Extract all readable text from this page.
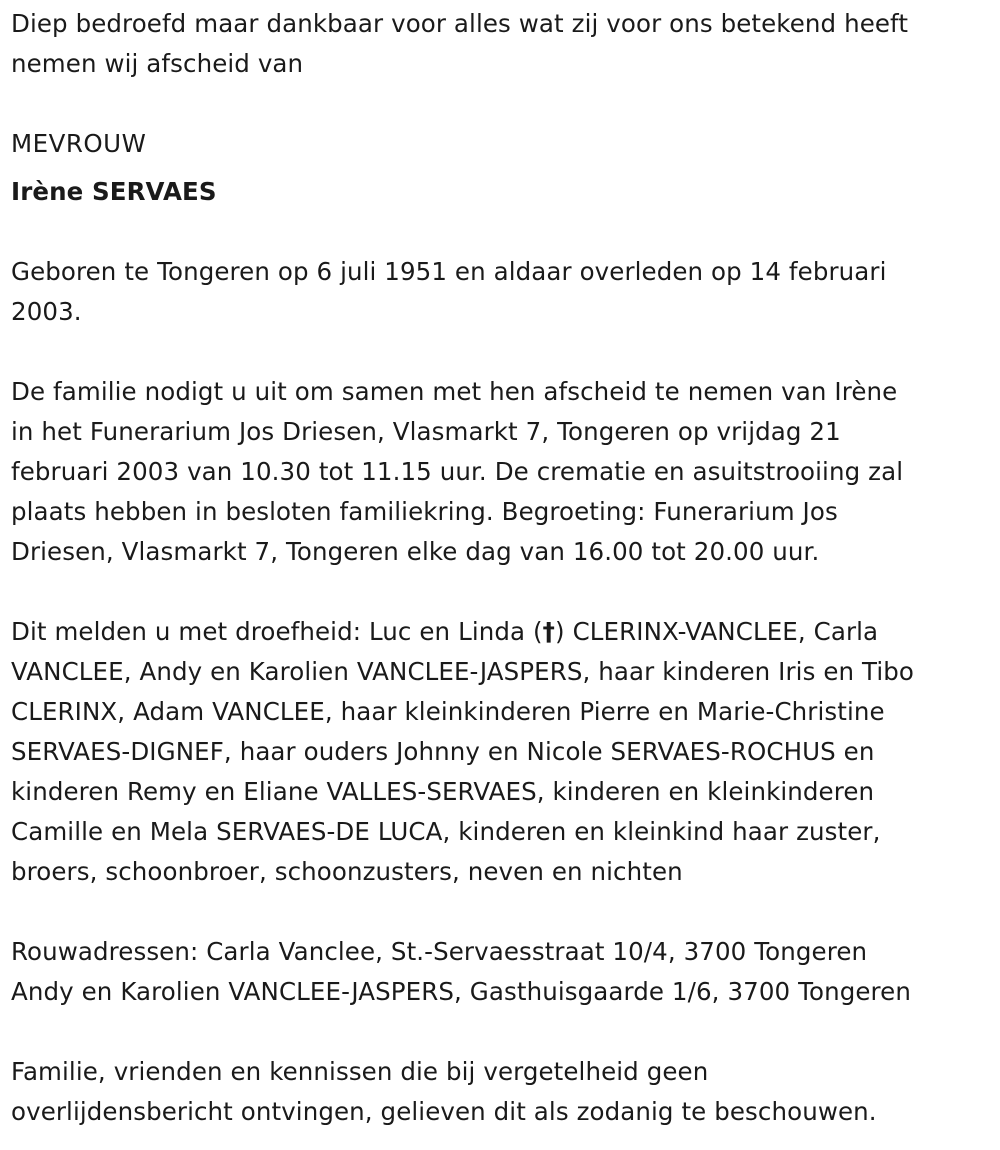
Diep bedroefd maar dankbaar voor alles wat zij voor ons betekend heeft

nemen wij afscheid van

MEVROUW

Irène SERVAES

Geboren te Tongeren op 6 juli 1951 en aldaar overleden op 14 februari

2003.

De familie nodigt u uit om samen met hen afscheid te nemen van Irène

in het Funerarium Jos Driesen, Vlasmarkt 7, Tongeren op vrijdag 21

februari 2003 van 10.30 tot 11.15 uur. De crematie en asuitstrooiing zal

plaats hebben in besloten familiekring. Begroeting: Funerarium Jos

Driesen, Vlasmarkt 7, Tongeren elke dag van 16.00 tot 20.00 uur.

Dit melden u met droefheid: Luc en Linda (†) CLERINX-VANCLEE, Carla

VANCLEE, Andy en Karolien VANCLEE-JASPERS, haar kinderen Iris en Tibo

CLERINX, Adam VANCLEE, haar kleinkinderen Pierre en Marie-Christine

SERVAES-DIGNEF, haar ouders Johnny en Nicole SERVAES-ROCHUS en

kinderen Remy en Eliane VALLES-SERVAES, kinderen en kleinkinderen

Camille en Mela SERVAES-DE LUCA, kinderen en kleinkind haar zuster,

broers, schoonbroer, schoonzusters, neven en nichten

Rouwadressen: Carla Vanclee, St.-Servaesstraat 10/4, 3700 Tongeren

Andy en Karolien VANCLEE-JASPERS, Gasthuisgaarde 1/6, 3700 Tongeren

Familie, vrienden en kennissen die bij vergetelheid geen

overlijdensbericht ontvingen, gelieven dit als zodanig te beschouwen.
